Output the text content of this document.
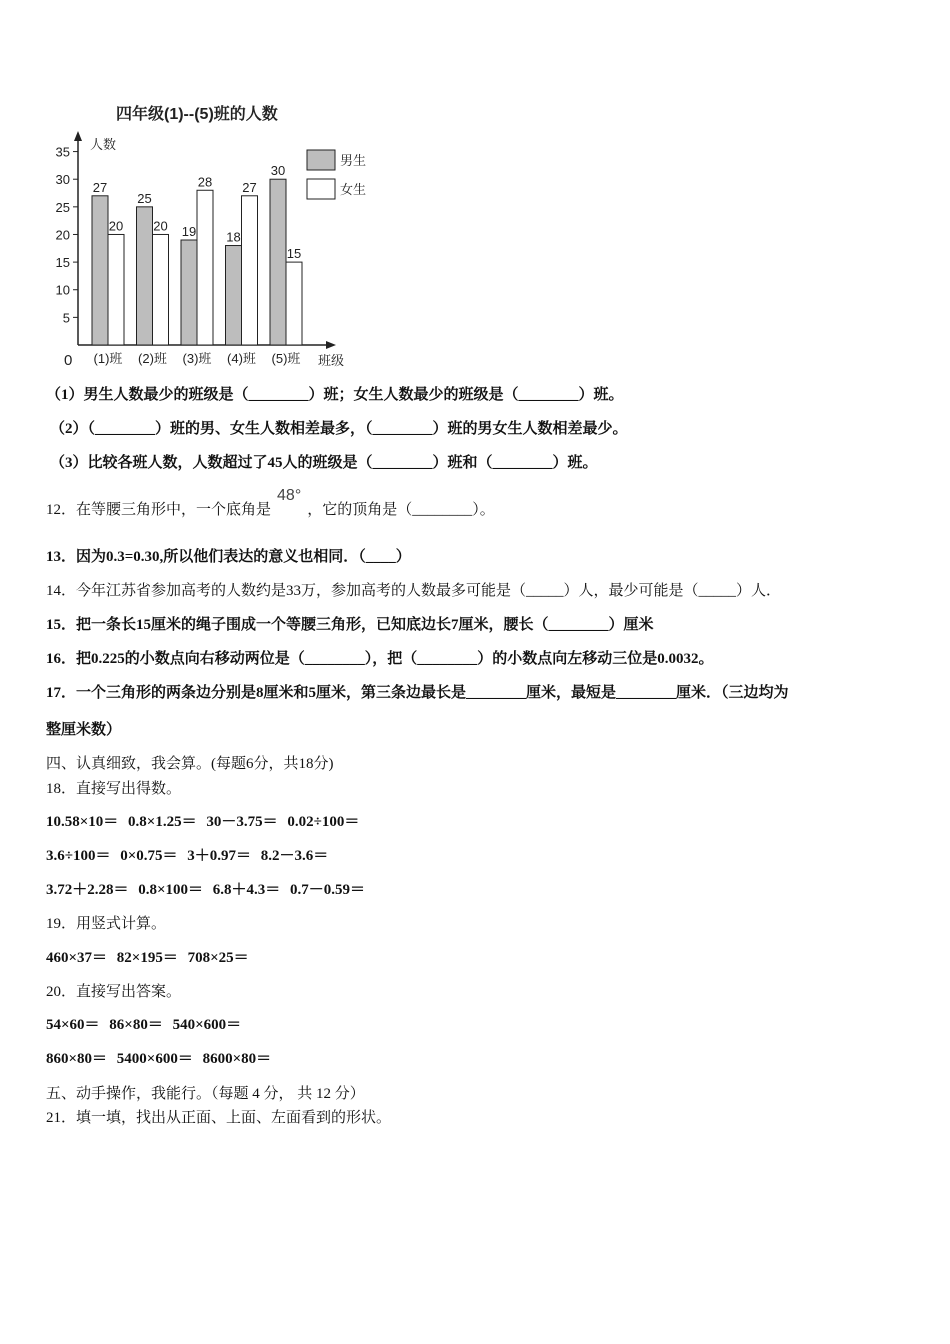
四年级(1)--(5)班的人数
人数
0	班级
5
10
15
20
25
30
35
27
20
(1)班
25
20
(2)班
19
28
(3)班
18
27
(4)班
30
15
(5)班
男生
女生
（1）男生人数最少的班级是（________）班；女生人数最少的班级是（________）班。
（2）（________）班的男、女生人数相差最多，（________）班的男女生人数相差最少。
（3）比较各班人数，人数超过了45人的班级是（________）班和（________）班。
12．在等腰三角形中，一个底角是48°，它的顶角是（________）。
13．因为0.3=0.30,所以他们表达的意义也相同．（____）
14．今年江苏省参加高考的人数约是33万，参加高考的人数最多可能是（_____）人，最少可能是（_____）人．
15．把一条长15厘米的绳子围成一个等腰三角形，已知底边长7厘米，腰长（________）厘米
16．把0.225的小数点向右移动两位是（________），把（________）的小数点向左移动三位是0.0032。
17．一个三角形的两条边分别是8厘米和5厘米，第三条边最长是________厘米，最短是________厘米．（三边均为
整厘米数）
四、认真细致，我会算。(每题6分，共18分)
18．直接写出得数。
10.58×10＝ 0.8×1.25＝ 30－3.75＝ 0.02÷100＝
3.6÷100＝ 0×0.75＝ 3＋0.97＝ 8.2－3.6＝
3.72＋2.28＝ 0.8×100＝ 6.8＋4.3＝ 0.7－0.59＝
19．用竖式计算。
460×37＝ 82×195＝ 708×25＝
20．直接写出答案。
54×60＝ 86×80＝ 540×600＝
860×80＝ 5400×600＝ 8600×80＝
五、动手操作，我能行。（每题 4 分， 共 12 分）
21．填一填，找出从正面、上面、左面看到的形状。
